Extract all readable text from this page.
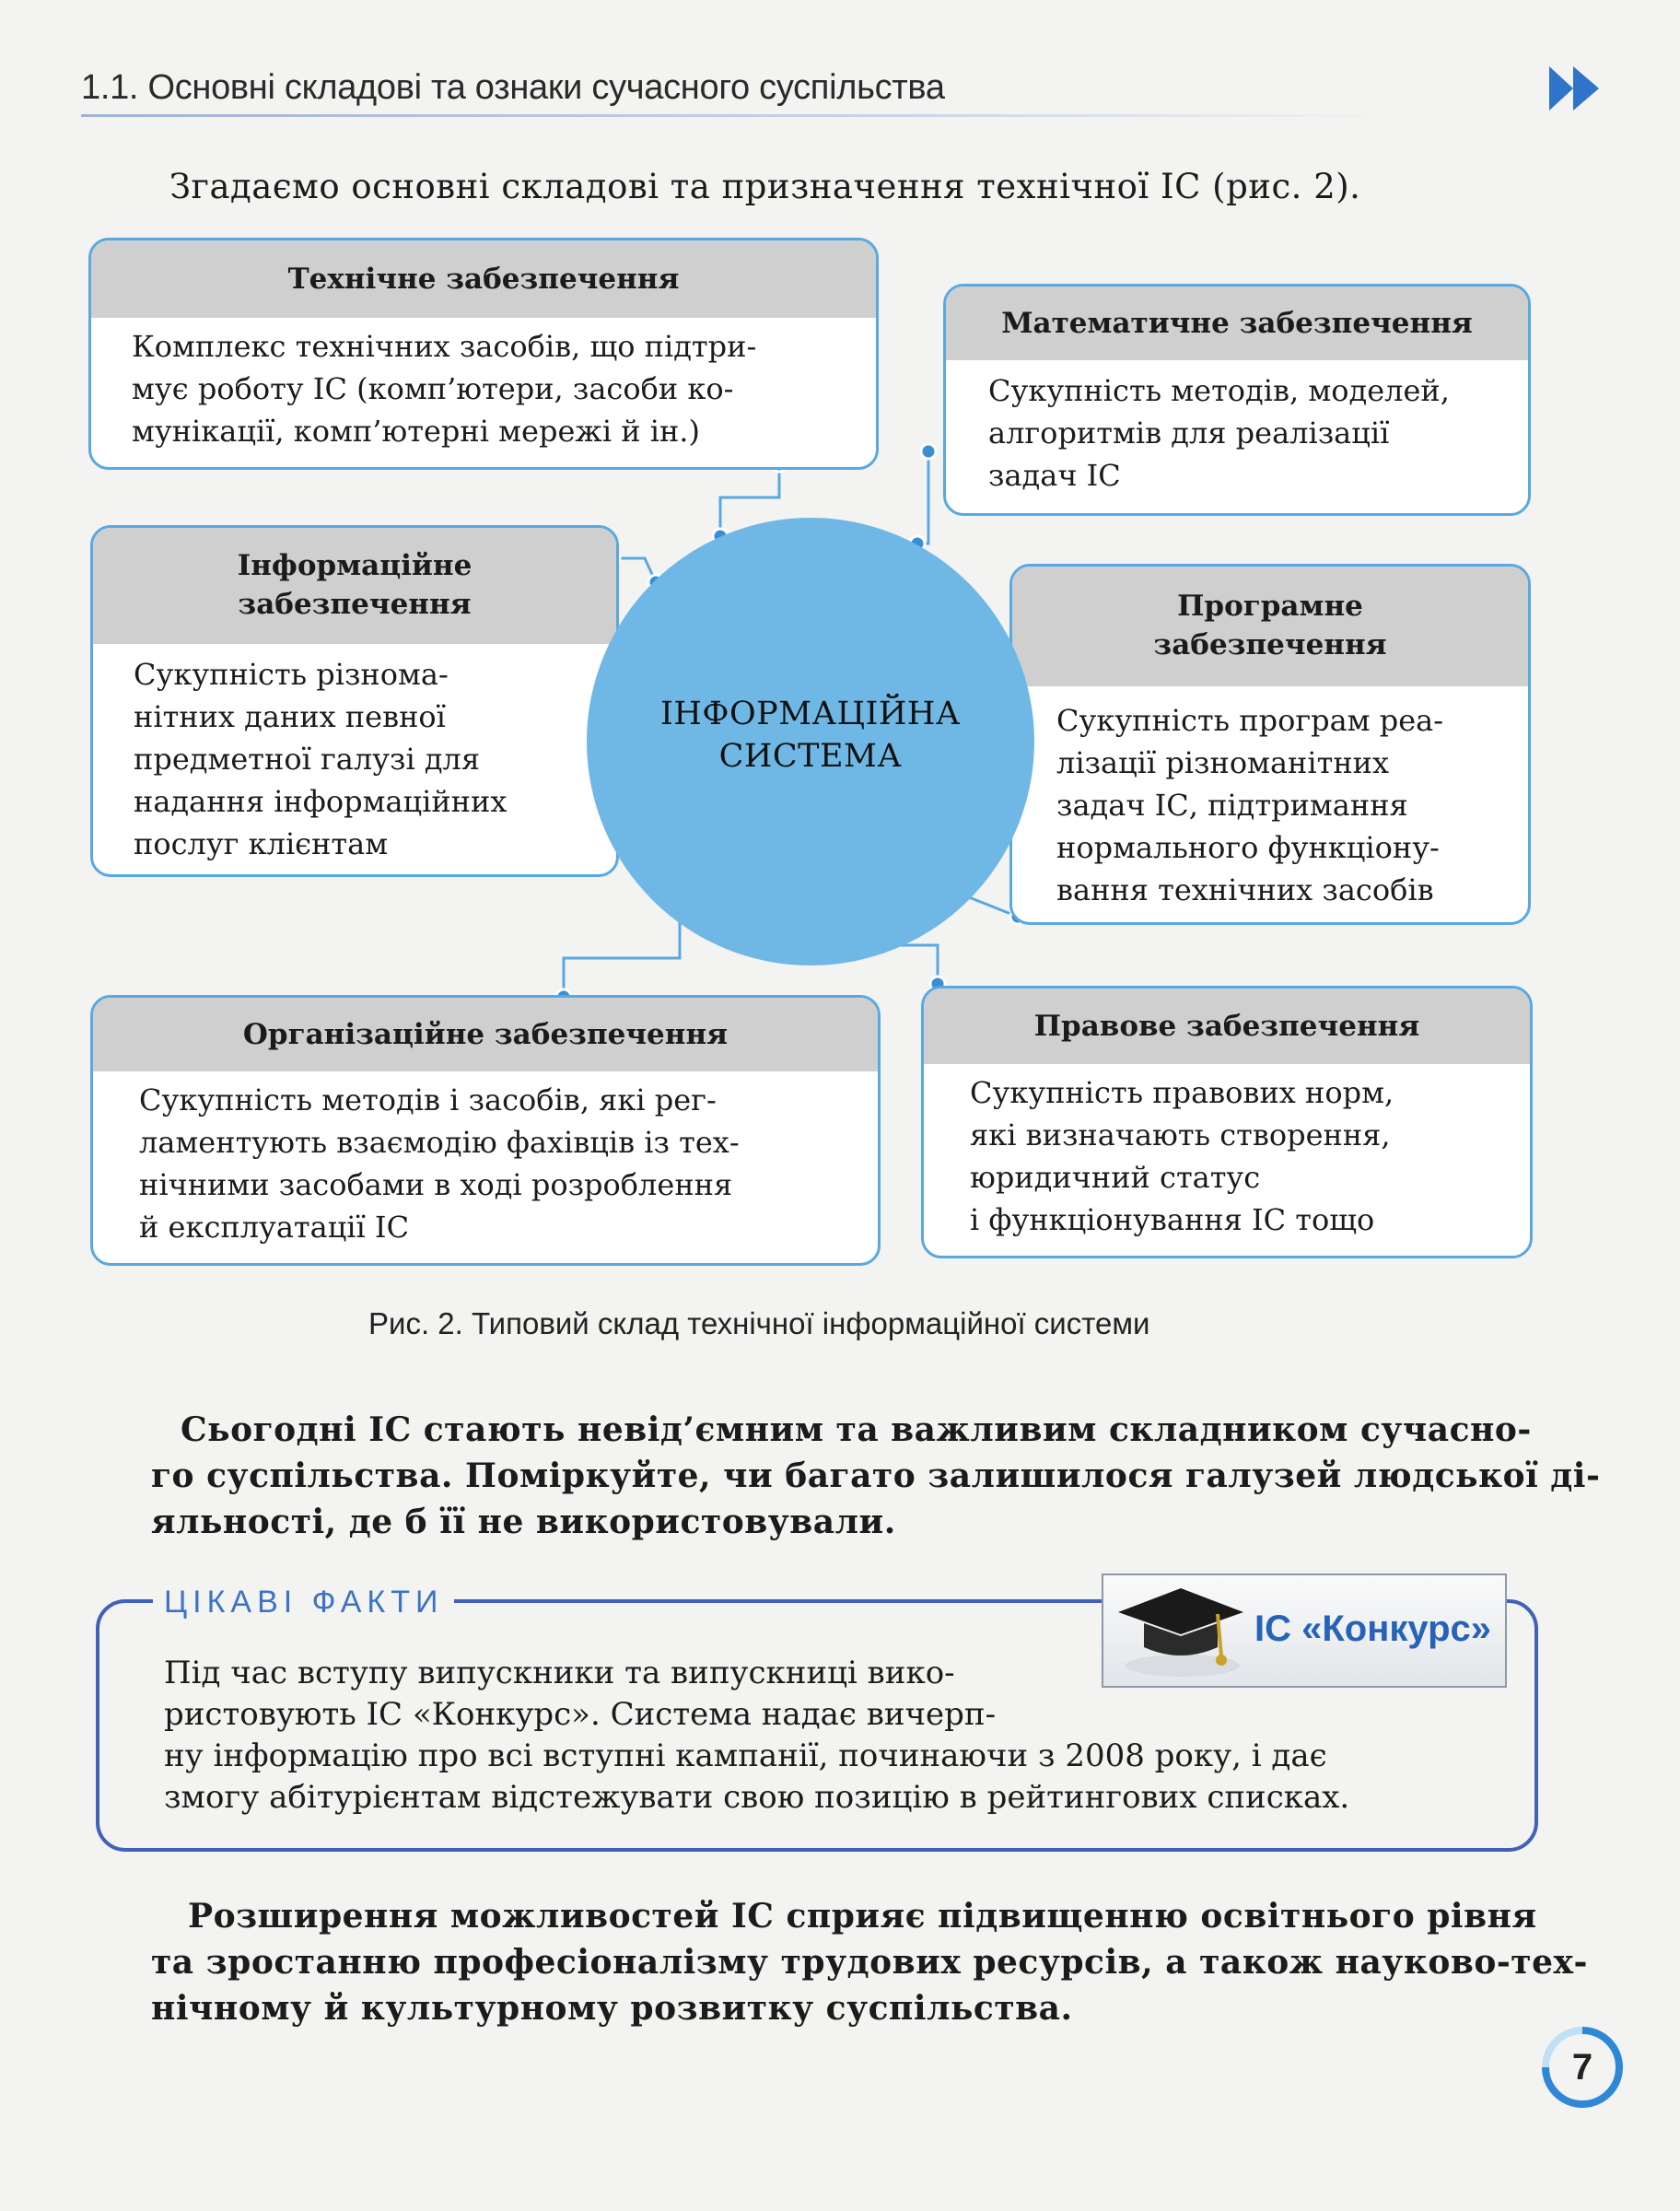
1.1. Основні складові та ознаки сучасного суспільства

Згадаємо основні складові та призначення технічної ІС (рис. 2).

Технічне забезпечення
Комплекс технічних засобів, що підтри-
мує роботу ІС (комп’ютери, засоби ко-
мунікації, комп’ютерні мережі й ін.)
Математичне забезпечення
Сукупність методів, моделей,
алгоритмів для реалізації
задач ІС
Інформаційне
забезпечення
Сукупність різнома-
нітних даних певної
предметної галузі для
надання інформаційних
послуг клієнтам
Програмне
забезпечення
Сукупність програм реа-
лізації різноманітних
задач ІС, підтримання
нормального функціону-
вання технічних засобів
ІНФОРМАЦІЙНА
СИСТЕМА
Організаційне забезпечення
Сукупність методів і засобів, які рег-
ламентують взаємодію фахівців із тех-
нічними засобами в ході розроблення
й експлуатації ІС
Правове забезпечення
Сукупність правових норм,
які визначають створення,
юридичний статус
і функціонування ІС тощо
Рис. 2. Типовий склад технічної інформаційної системи

Сьогодні ІС стають невід’ємним та важливим складником сучасно-
го суспільства. Поміркуйте, чи багато залишилося галузей людської ді-
яльності, де б її не використовували.

ЦІКАВІ ФАКТИ
ІС «Конкурс»
Під час вступу випускники та випускниці вико-
ристовують ІС «Конкурс». Система надає вичерп-
ну інформацію про всі вступні кампанії, починаючи з 2008 року, і дає
змогу абітурієнтам відстежувати свою позицію в рейтингових списках.

Розширення можливостей ІС сприяє підвищенню освітнього рівня
та зростанню професіоналізму трудових ресурсів, а також науково-тех-
нічному й культурному розвитку суспільства.

7
